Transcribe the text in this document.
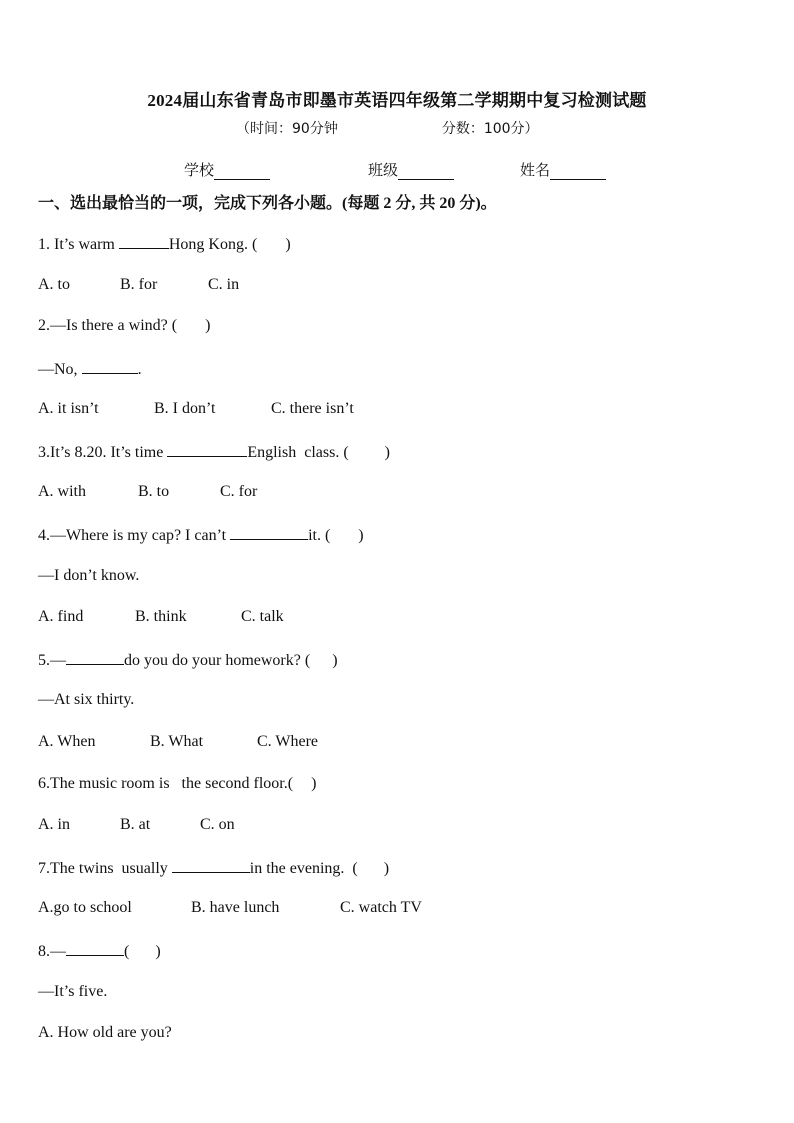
2024届山东省青岛市即墨市英语四年级第二学期期中复习检测试题
（时间：90分钟	分数：100分）
学校	班级	姓名
一、选出最恰当的一项，完成下列各小题。(每题 2 分, 共 20 分)。
1. It’s warm	Hong Kong. ( )
A. to	B. for	C. in
2.—Is there a wind? ( )
—No,	.
A. it isn’t	B. I don’t	C. there isn’t
3.It’s 8.20. It’s time	English  class. ( )
A. with	B. to	C. for
4.—Where is my cap? I can’t	it. ( )
—I don’t know.
A. find	B. think	C. talk
5.—	do you do your homework? ( )
—At six thirty.
A. When	B. What	C. Where
6.The music room is   the second floor.( )
A. in	B. at	C. on
7.The twins  usually	in the evening.  ( )
A.go to school	B. have lunch	C. watch TV
8.—	( )
—It’s five.
A. How old are you?
